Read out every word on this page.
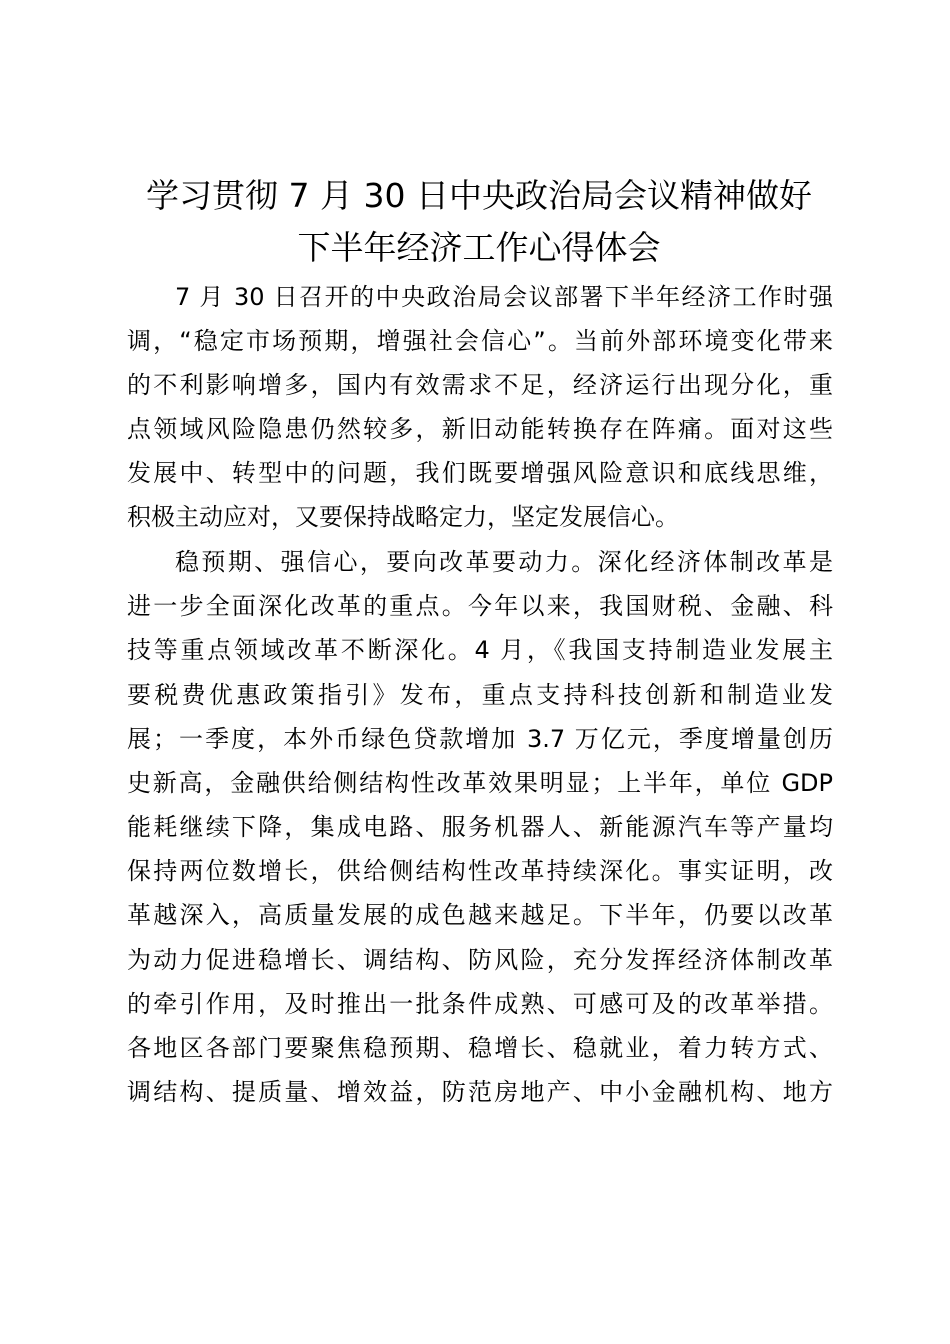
学习贯彻 7 月 30 日中央政治局会议精神做好
下半年经济工作心得体会
7 月 30 日召开的中央政治局会议部署下半年经济工作时强
调，“稳定市场预期，增强社会信心”。当前外部环境变化带来
的不利影响增多，国内有效需求不足，经济运行出现分化，重
点领域风险隐患仍然较多，新旧动能转换存在阵痛。面对这些
发展中、转型中的问题，我们既要增强风险意识和底线思维，
积极主动应对，又要保持战略定力，坚定发展信心。
稳预期、强信心，要向改革要动力。深化经济体制改革是
进一步全面深化改革的重点。今年以来，我国财税、金融、科
技等重点领域改革不断深化。4 月，《我国支持制造业发展主
要税费优惠政策指引》发布，重点支持科技创新和制造业发
展；一季度，本外币绿色贷款增加 3.7 万亿元，季度增量创历
史新高，金融供给侧结构性改革效果明显；上半年，单位 GDP
能耗继续下降，集成电路、服务机器人、新能源汽车等产量均
保持两位数增长，供给侧结构性改革持续深化。事实证明，改
革越深入，高质量发展的成色越来越足。下半年，仍要以改革
为动力促进稳增长、调结构、防风险，充分发挥经济体制改革
的牵引作用，及时推出一批条件成熟、可感可及的改革举措。
各地区各部门要聚焦稳预期、稳增长、稳就业，着力转方式、
调结构、提质量、增效益，防范房地产、中小金融机构、地方
